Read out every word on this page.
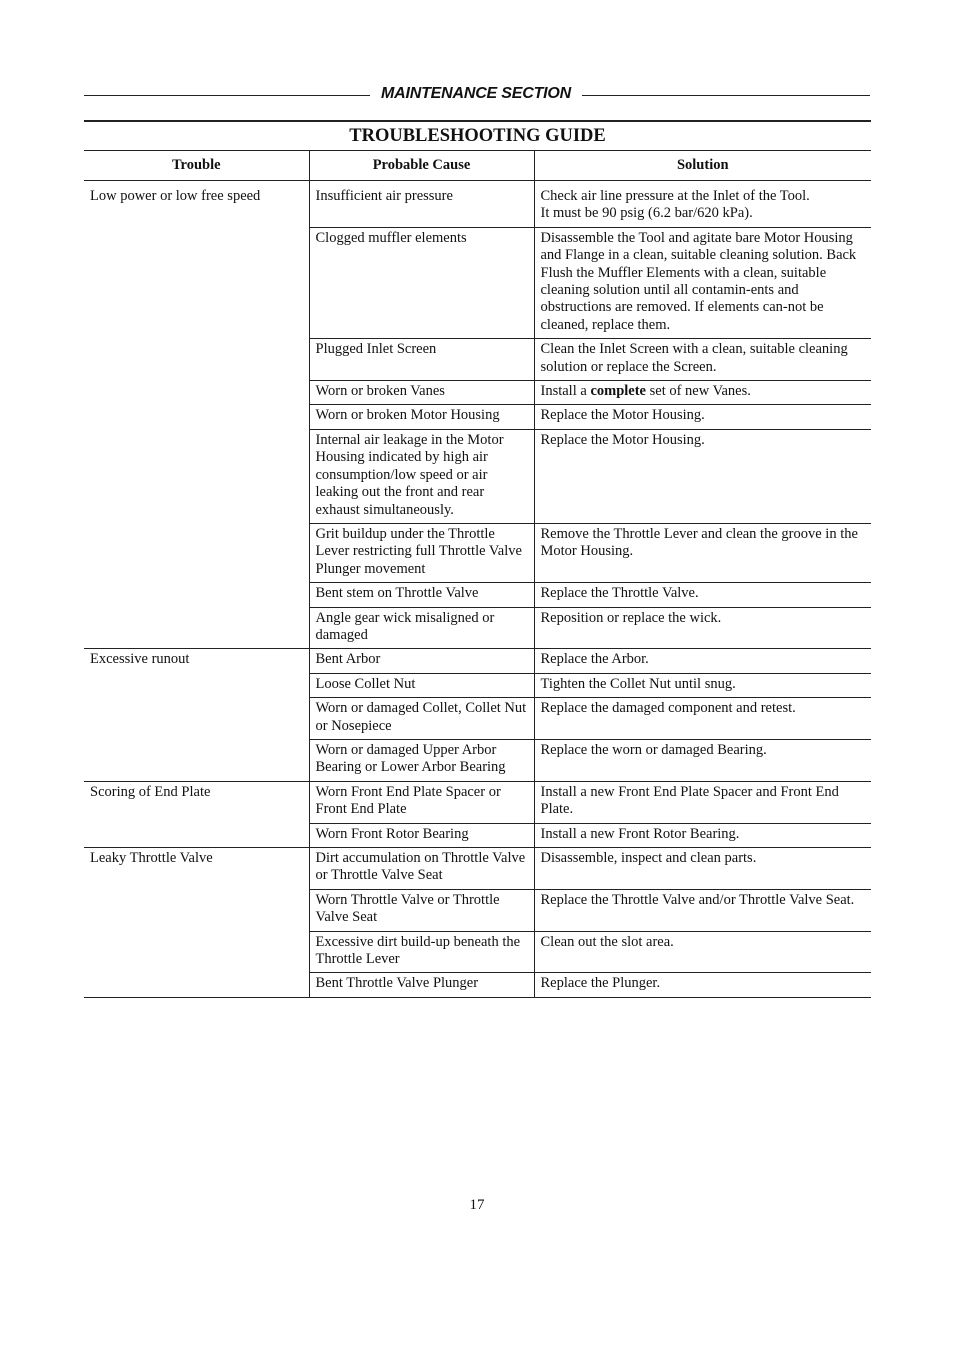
MAINTENANCE SECTION
TROUBLESHOOTING GUIDE
Trouble	Probable Cause	Solution
Low power or low free speed	Insufficient air pressure	Check air line pressure at the Inlet of the Tool.
It must be 90 psig (6.2 bar/620 kPa).

	Clogged muffler elements	Disassemble the Tool and agitate bare Motor Housing and Flange in a clean, suitable cleaning solution. Back Flush the Muffler Elements with a clean, suitable cleaning solution until all contamin-ents and obstructions are removed. If elements can-not be cleaned, replace them.

	Plugged Inlet Screen	Clean the Inlet Screen with a clean, suitable cleaning solution or replace the Screen.

	Worn or broken Vanes	Install a complete set of new Vanes.
	Worn or broken Motor Housing	Replace the Motor Housing.

	Internal air leakage in the Motor Housing indicated by high air consumption/low speed or air leaking out the front and rear exhaust simultaneously.	Replace the Motor Housing.

	Grit buildup under the Throttle Lever restricting full Throttle Valve Plunger movement	Remove the Throttle Lever and clean the groove in the Motor Housing.

	Bent stem on Throttle Valve	Replace the Throttle Valve.

	Angle gear wick misaligned or damaged	Reposition or replace the wick.

Excessive runout	Bent Arbor	Replace the Arbor.

	Loose Collet Nut	Tighten the Collet Nut until snug.

	Worn or damaged Collet, Collet Nut or Nosepiece	Replace the damaged component and retest.

	Worn or damaged Upper Arbor Bearing or Lower Arbor Bearing	Replace the worn or damaged Bearing.

Scoring of End Plate	Worn Front End Plate Spacer or Front End Plate	Install a new Front End Plate Spacer and Front End Plate.

	Worn Front Rotor Bearing	Install a new Front Rotor Bearing.

Leaky Throttle Valve	Dirt accumulation on Throttle Valve or Throttle Valve Seat	Disassemble, inspect and clean parts.

	Worn Throttle Valve or Throttle Valve Seat	Replace the Throttle Valve and/or Throttle Valve Seat.

	Excessive dirt build-up beneath the Throttle Lever	Clean out the slot area.

	Bent Throttle Valve Plunger	Replace the Plunger.
17
